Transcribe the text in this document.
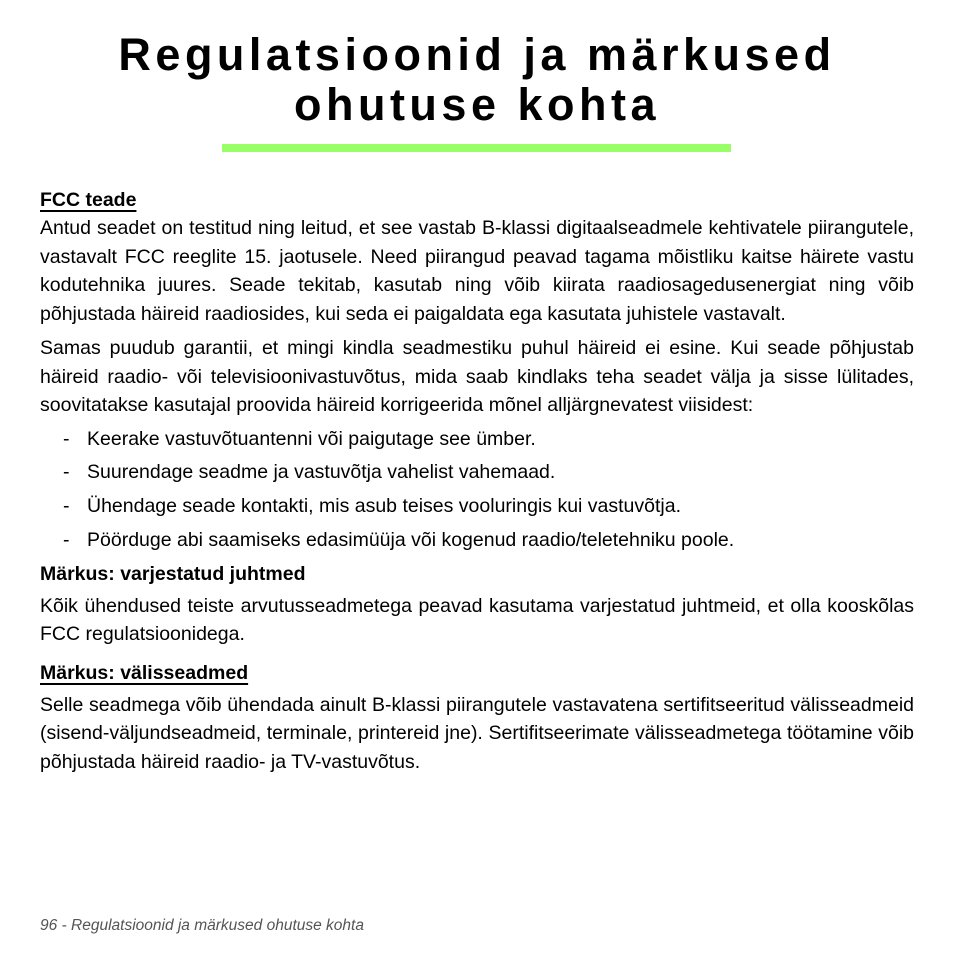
Regulatsioonid ja märkused
ohutuse kohta
FCC teade

Antud seadet on testitud ning leitud, et see vastab B-klassi digitaalseadmele kehtivatele piirangutele, vastavalt FCC reeglite 15. jaotusele. Need piirangud peavad tagama mõistliku kaitse häirete vastu kodutehnika juures. Seade tekitab, kasutab ning võib kiirata raadiosagedusenergiat ning võib põhjustada häireid raadiosides, kui seda ei paigaldata ega kasutata juhistele vastavalt.

Samas puudub garantii, et mingi kindla seadmestiku puhul häireid ei esine. Kui seade põhjustab häireid raadio- või televisioonivastuvõtus, mida saab kindlaks teha seadet välja ja sisse lülitades, soovitatakse kasutajal proovida häireid korrigeerida mõnel alljärgnevatest viisidest:

- Keerake vastuvõtuantenni või paigutage see ümber.
- Suurendage seadme ja vastuvõtja vahelist vahemaad.
- Ühendage seade kontakti, mis asub teises vooluringis kui vastuvõtja.
- Pöörduge abi saamiseks edasimüüja või kogenud raadio/teletehniku poole.
Märkus: varjestatud juhtmed

Kõik ühendused teiste arvutusseadmetega peavad kasutama varjestatud juhtmeid, et olla kooskõlas FCC regulatsioonidega.

Märkus: välisseadmed

Selle seadmega võib ühendada ainult B-klassi piirangutele vastavatena sertifitseeritud välisseadmeid (sisend-väljundseadmeid, terminale, printereid jne). Sertifitseerimate välisseadmetega töötamine võib põhjustada häireid raadio- ja TV-vastuvõtus.

96 - Regulatsioonid ja märkused ohutuse kohta
